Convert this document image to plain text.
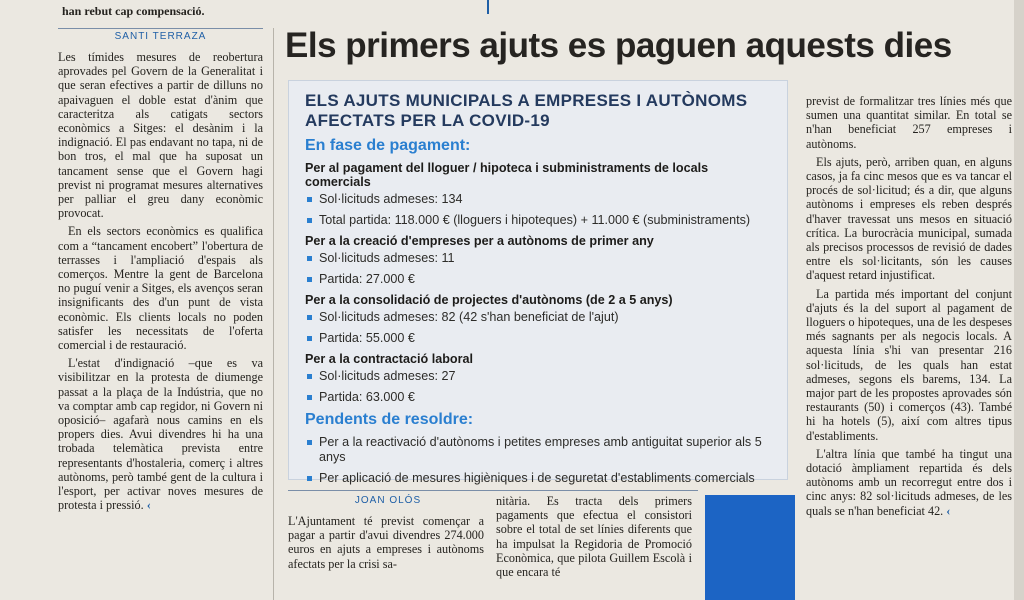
han rebut cap compensació.
SANTI TERRAZA

Les tímides mesures de reobertura aprovades pel Govern de la Generalitat i que seran efectives a partir de dilluns no apaivaguen el doble estat d'ànim que caracteritza als catigats sectors econòmics a Sitges: el desànim i la indignació. El pas endavant no tapa, ni de bon tros, el mal que ha suposat un tancament sense que el Govern hagi previst ni programat mesures alternatives per palliar el greu dany econòmic provocat.

En els sectors econòmics es qualifica com a “tancament encobert” l'obertura de terrasses i l'ampliació d'espais als comerços. Mentre la gent de Barcelona no puguí venir a Sitges, els avenços seran insignificants des d'un punt de vista econòmic. Els clients locals no poden satisfer les necessitats de l'oferta comercial i de restauració.

L'estat d'indignació –que es va visibilitzar en la protesta de diumenge passat a la plaça de la Indústria, que no va comptar amb cap regidor, ni Govern ni oposició– agafarà nous camins en els propers dies. Avui divendres hi ha una trobada telemàtica prevista entre representants d'hostaleria, comerç i altres autònoms, però també gent de la cultura i l'esport, per activar noves mesures de protesta i pressió. ‹

Els primers ajuts es paguen aquests dies
ELS AJUTS MUNICIPALS A EMPRESES I AUTÒNOMS AFECTATS PER LA COVID-19
En fase de pagament:
Per al pagament del lloguer / hipoteca i subministraments de locals comercials
Sol·licituds admeses: 134
Total partida: 118.000 € (lloguers i hipoteques) + 11.000 € (subministraments)
Per a la creació d'empreses per a autònoms de primer any
Sol·licituds admeses: 11
Partida: 27.000 €
Per a la consolidació de projectes d'autònoms (de 2 a 5 anys)
Sol·licituds admeses: 82 (42 s'han beneficiat de l'ajut)
Partida: 55.000 €
Per a la contractació laboral
Sol·licituds admeses: 27
Partida: 63.000 €
Pendents de resoldre:
Per a la reactivació d'autònoms i petites empreses amb antiguitat superior als 5 anys
Per aplicació de mesures higièniques i de seguretat d'establiments comercials
JOAN OLÓS

L'Ajuntament té previst començar a pagar a partir d'avui divendres 274.000 euros en ajuts a empreses i autònoms afectats per la crisi sa-

nitària. Es tracta dels primers pagaments que efectua el consistori sobre el total de set línies diferents que ha impulsat la Regidoria de Promoció Econòmica, que pilota Guillem Escolà i que encara té

previst de formalitzar tres línies més que sumen una quantitat similar. En total se n'han beneficiat 257 empreses i autònoms.

Els ajuts, però, arriben quan, en alguns casos, ja fa cinc mesos que es va tancar el procés de sol·licitud; és a dir, que alguns autònoms i empreses els reben després d'haver travessat uns mesos en situació crítica. La burocràcia municipal, sumada als precisos processos de revisió de dades entre els sol·licitants, són les causes d'aquest retard injustificat.

La partida més important del conjunt d'ajuts és la del suport al pagament de lloguers o hipoteques, una de les despeses més sagnants per als negocis locals. A aquesta línia s'hi van presentar 216 sol·licituds, de les quals han estat admeses, segons els barems, 134. La major part de les propostes aprovades són restaurants (50) i comerços (43). També hi ha hotels (5), així com altres tipus d'establiments.

L'altra línia que també ha tingut una dotació àmpliament repartida és dels autònoms amb un recorregut entre dos i cinc anys: 82 sol·licituds admeses, de les quals se n'han beneficiat 42. ‹
